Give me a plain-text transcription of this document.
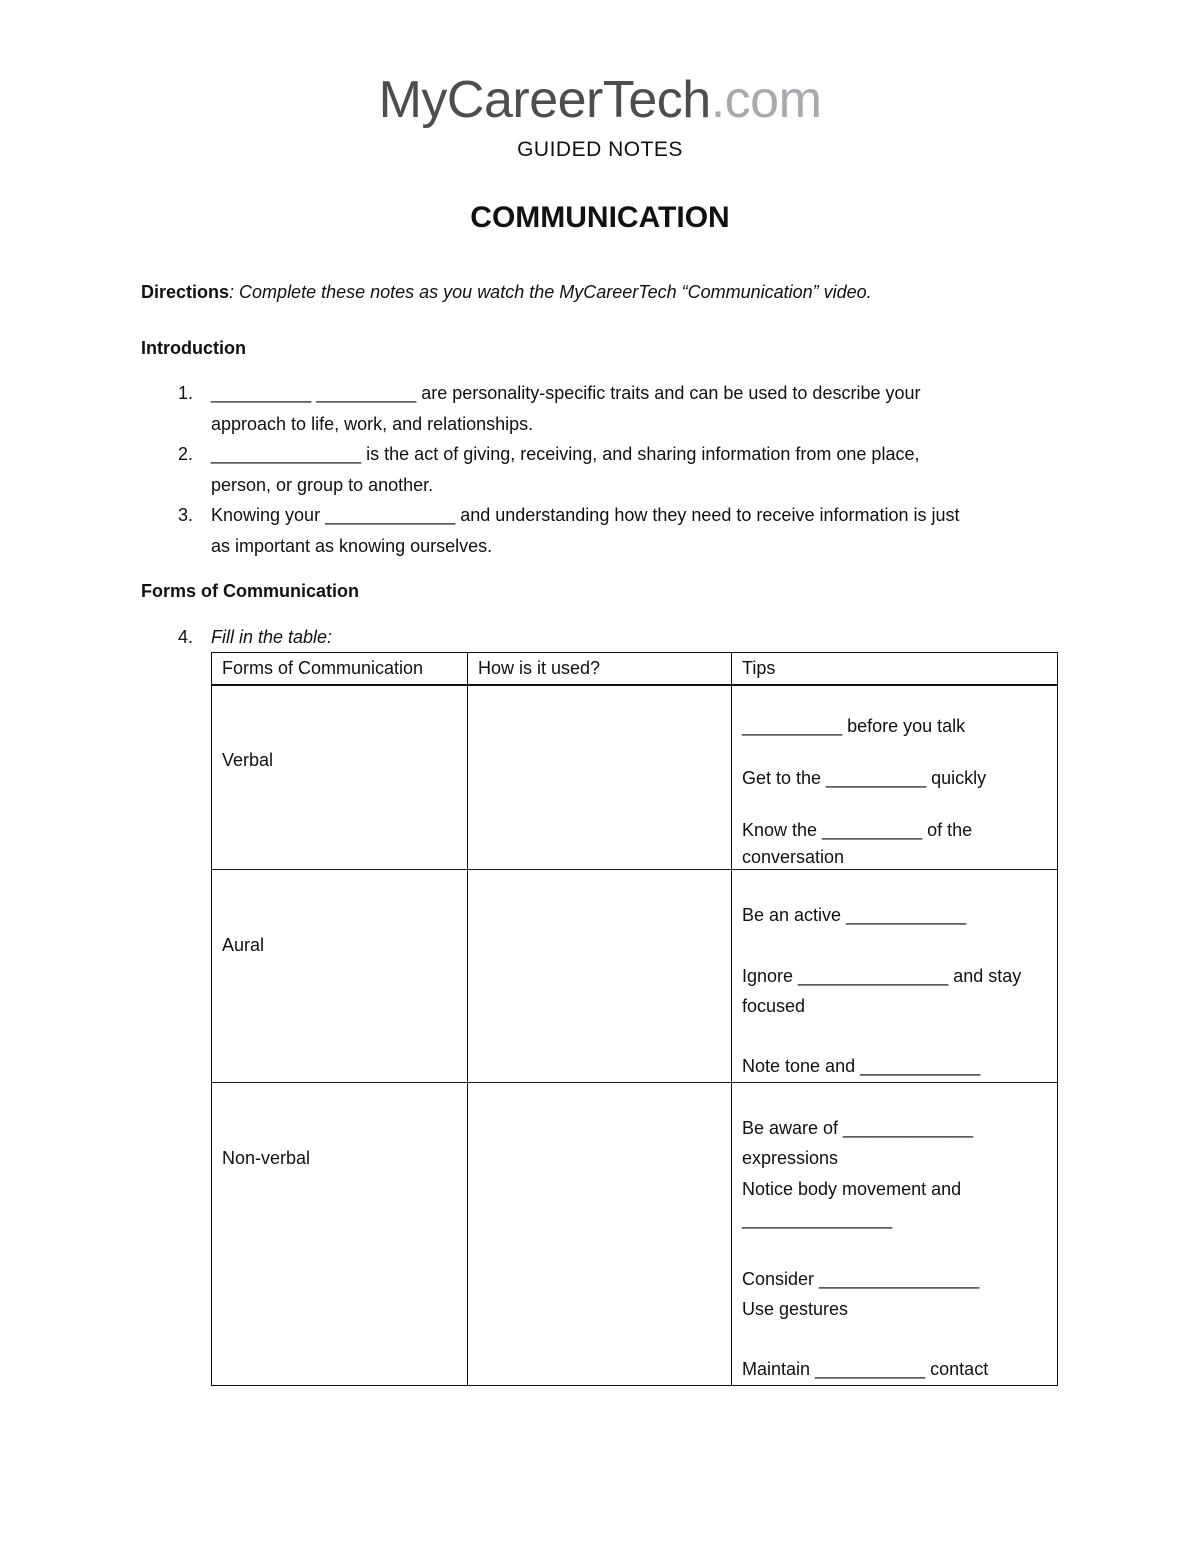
MyCareerTech.com
GUIDED NOTES
COMMUNICATION
Directions: Complete these notes as you watch the MyCareerTech “Communication” video.
Introduction
1. __________ __________ are personality-specific traits and can be used to describe your
approach to life, work, and relationships.
2. _______________ is the act of giving, receiving, and sharing information from one place,
person, or group to another.
3. Knowing your _____________ and understanding how they need to receive information is just
as important as knowing ourselves.
Forms of Communication
4. Fill in the table:
Forms of Communication	How is it used?	Tips
Verbal
__________ before you talk
Get to the __________ quickly
Know the __________ of the
conversation
Aural
Be an active ____________
Ignore _______________ and stay
focused
Note tone and ____________
Non-verbal
Be aware of _____________
expressions
Notice body movement and
_______________
Consider ________________
Use gestures
Maintain ___________ contact
